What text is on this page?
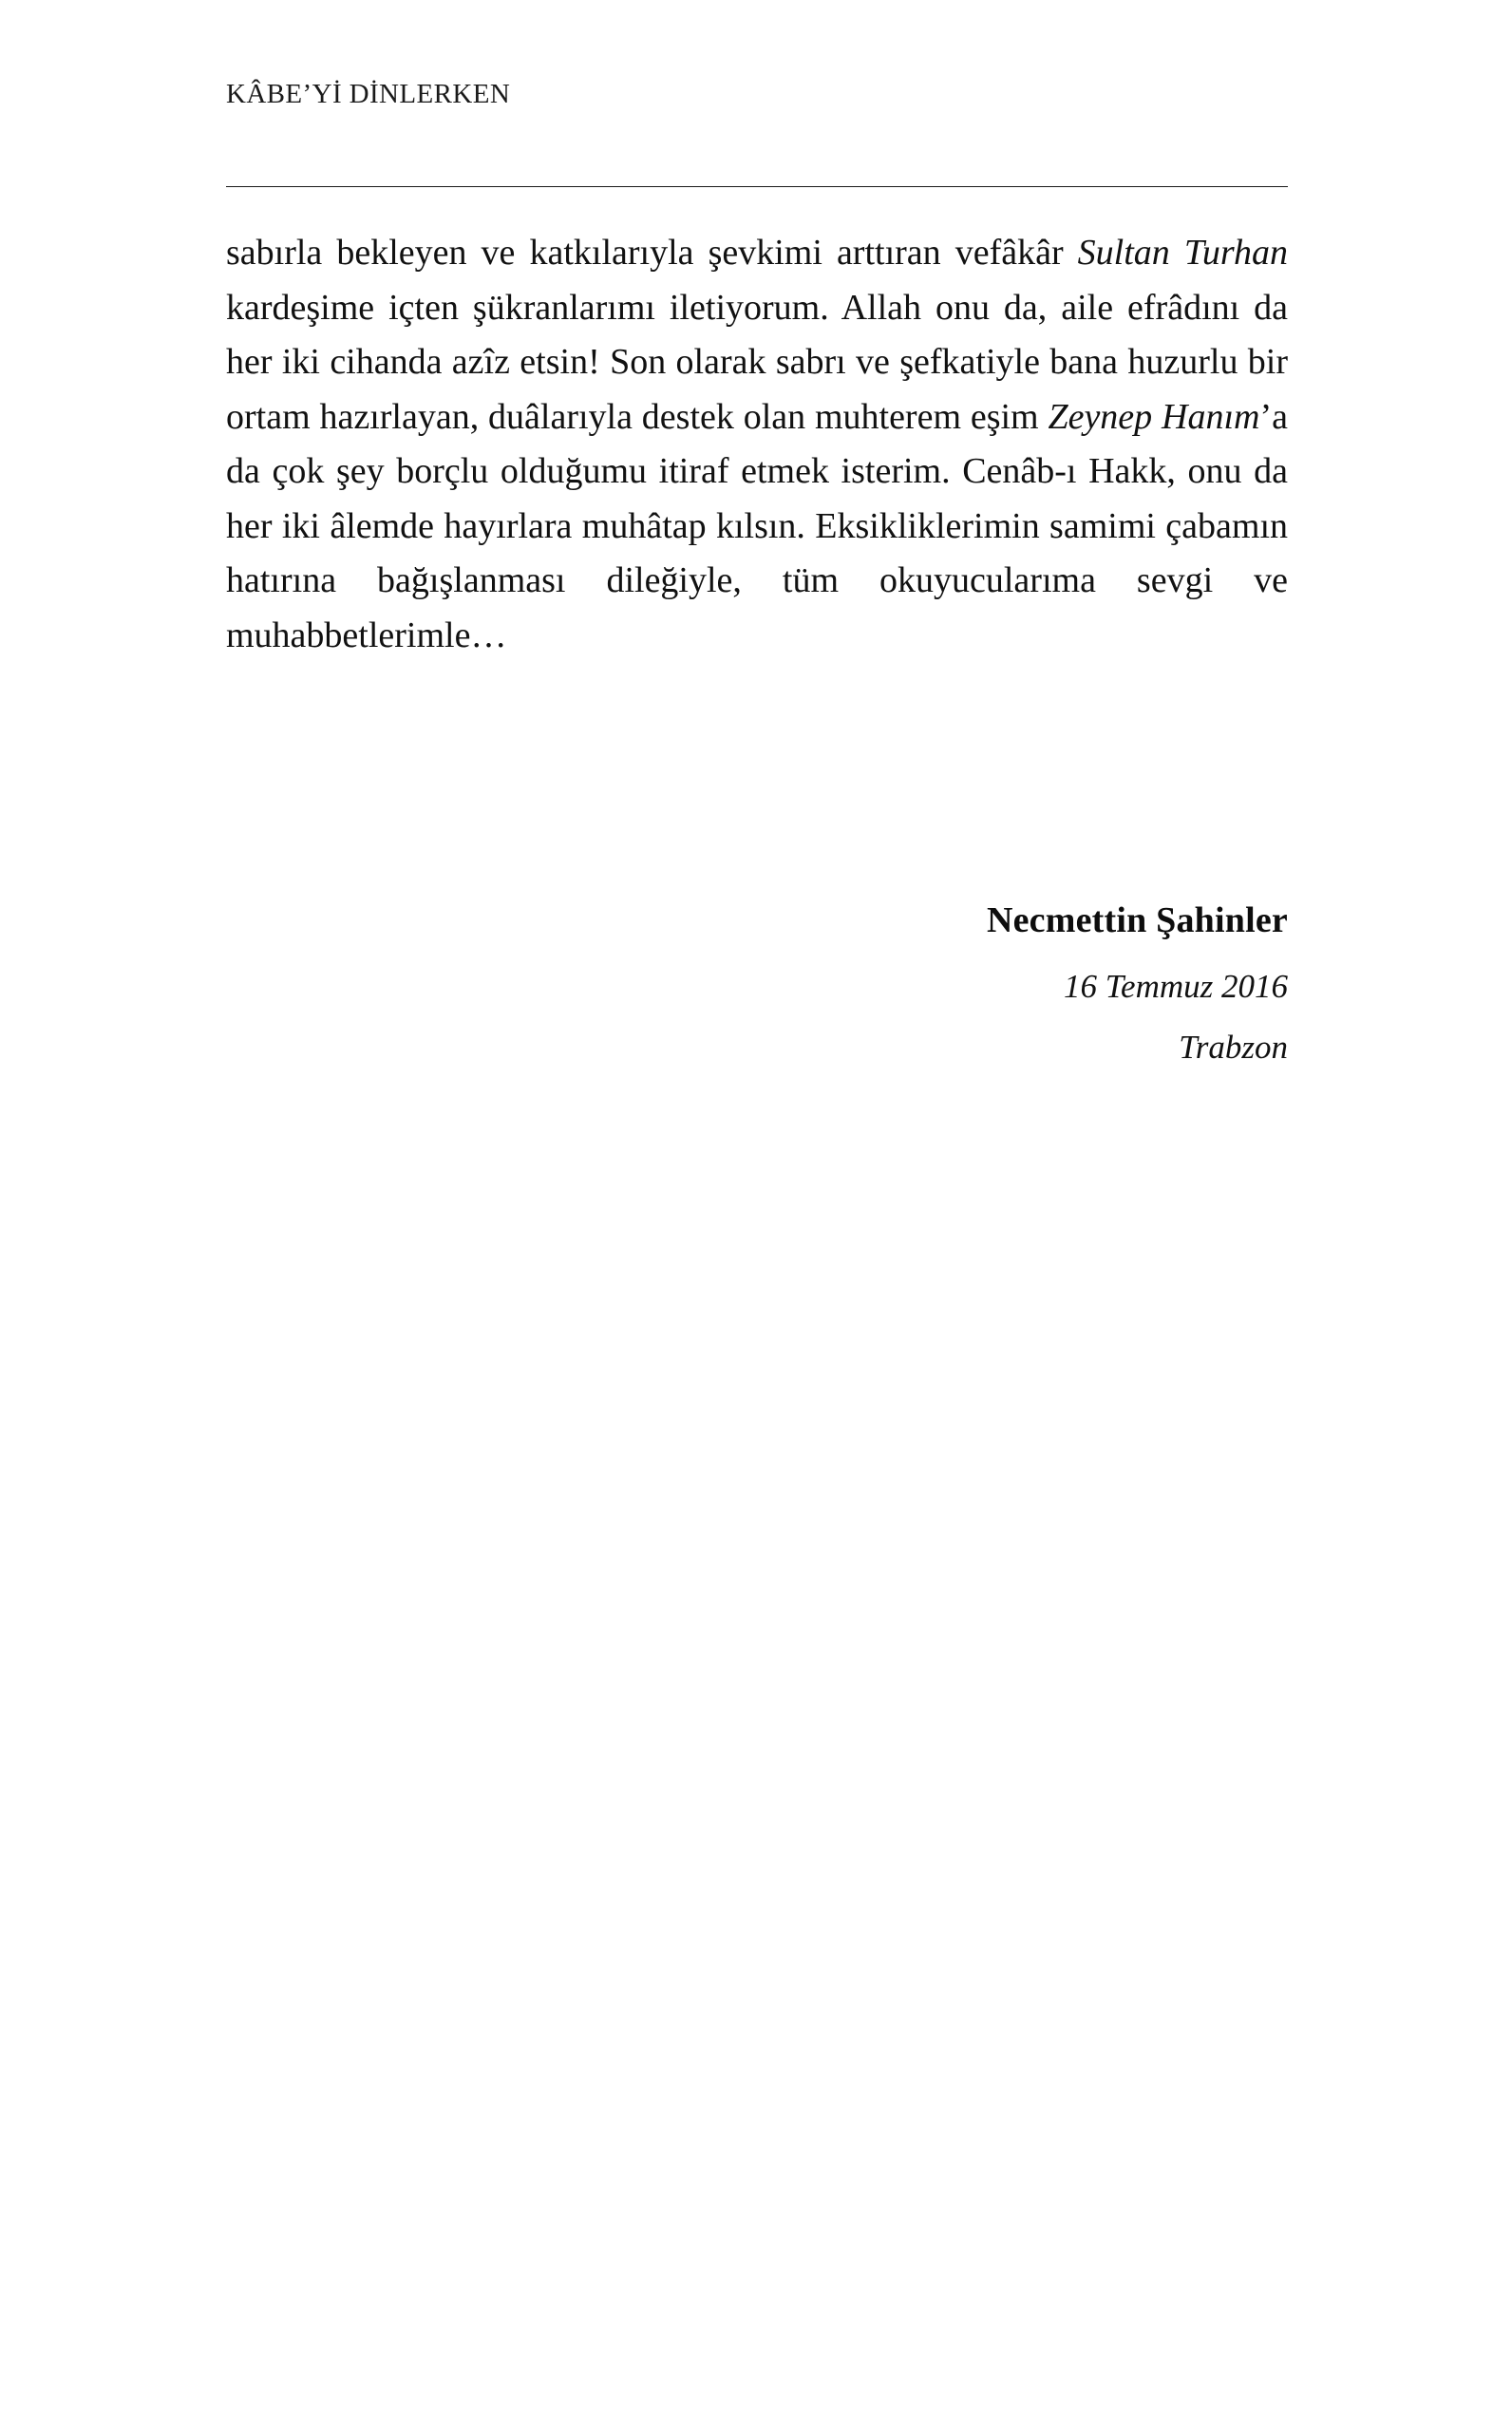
KÂBE’Yİ DİNLERKEN

sabırla bekleyen ve katkılarıyla şevkimi arttıran vefâkâr Sultan Turhan kardeşime içten şükranlarımı iletiyorum. Allah onu da, aile efrâdını da her iki cihanda azîz etsin! Son olarak sabrı ve şefkatiyle bana huzurlu bir ortam hazırlayan, duâlarıyla destek olan muhterem eşim Zeynep Hanım’a da çok şey borçlu olduğumu itiraf etmek isterim. Cenâb-ı Hakk, onu da her iki âlemde hayırlara muhâtap kılsın. Eksikliklerimin samimi çabamın hatırına bağışlanması dileğiyle, tüm okuyucularıma sevgi ve muhabbetlerimle…

Necmettin Şahinler
16 Temmuz 2016
Trabzon
